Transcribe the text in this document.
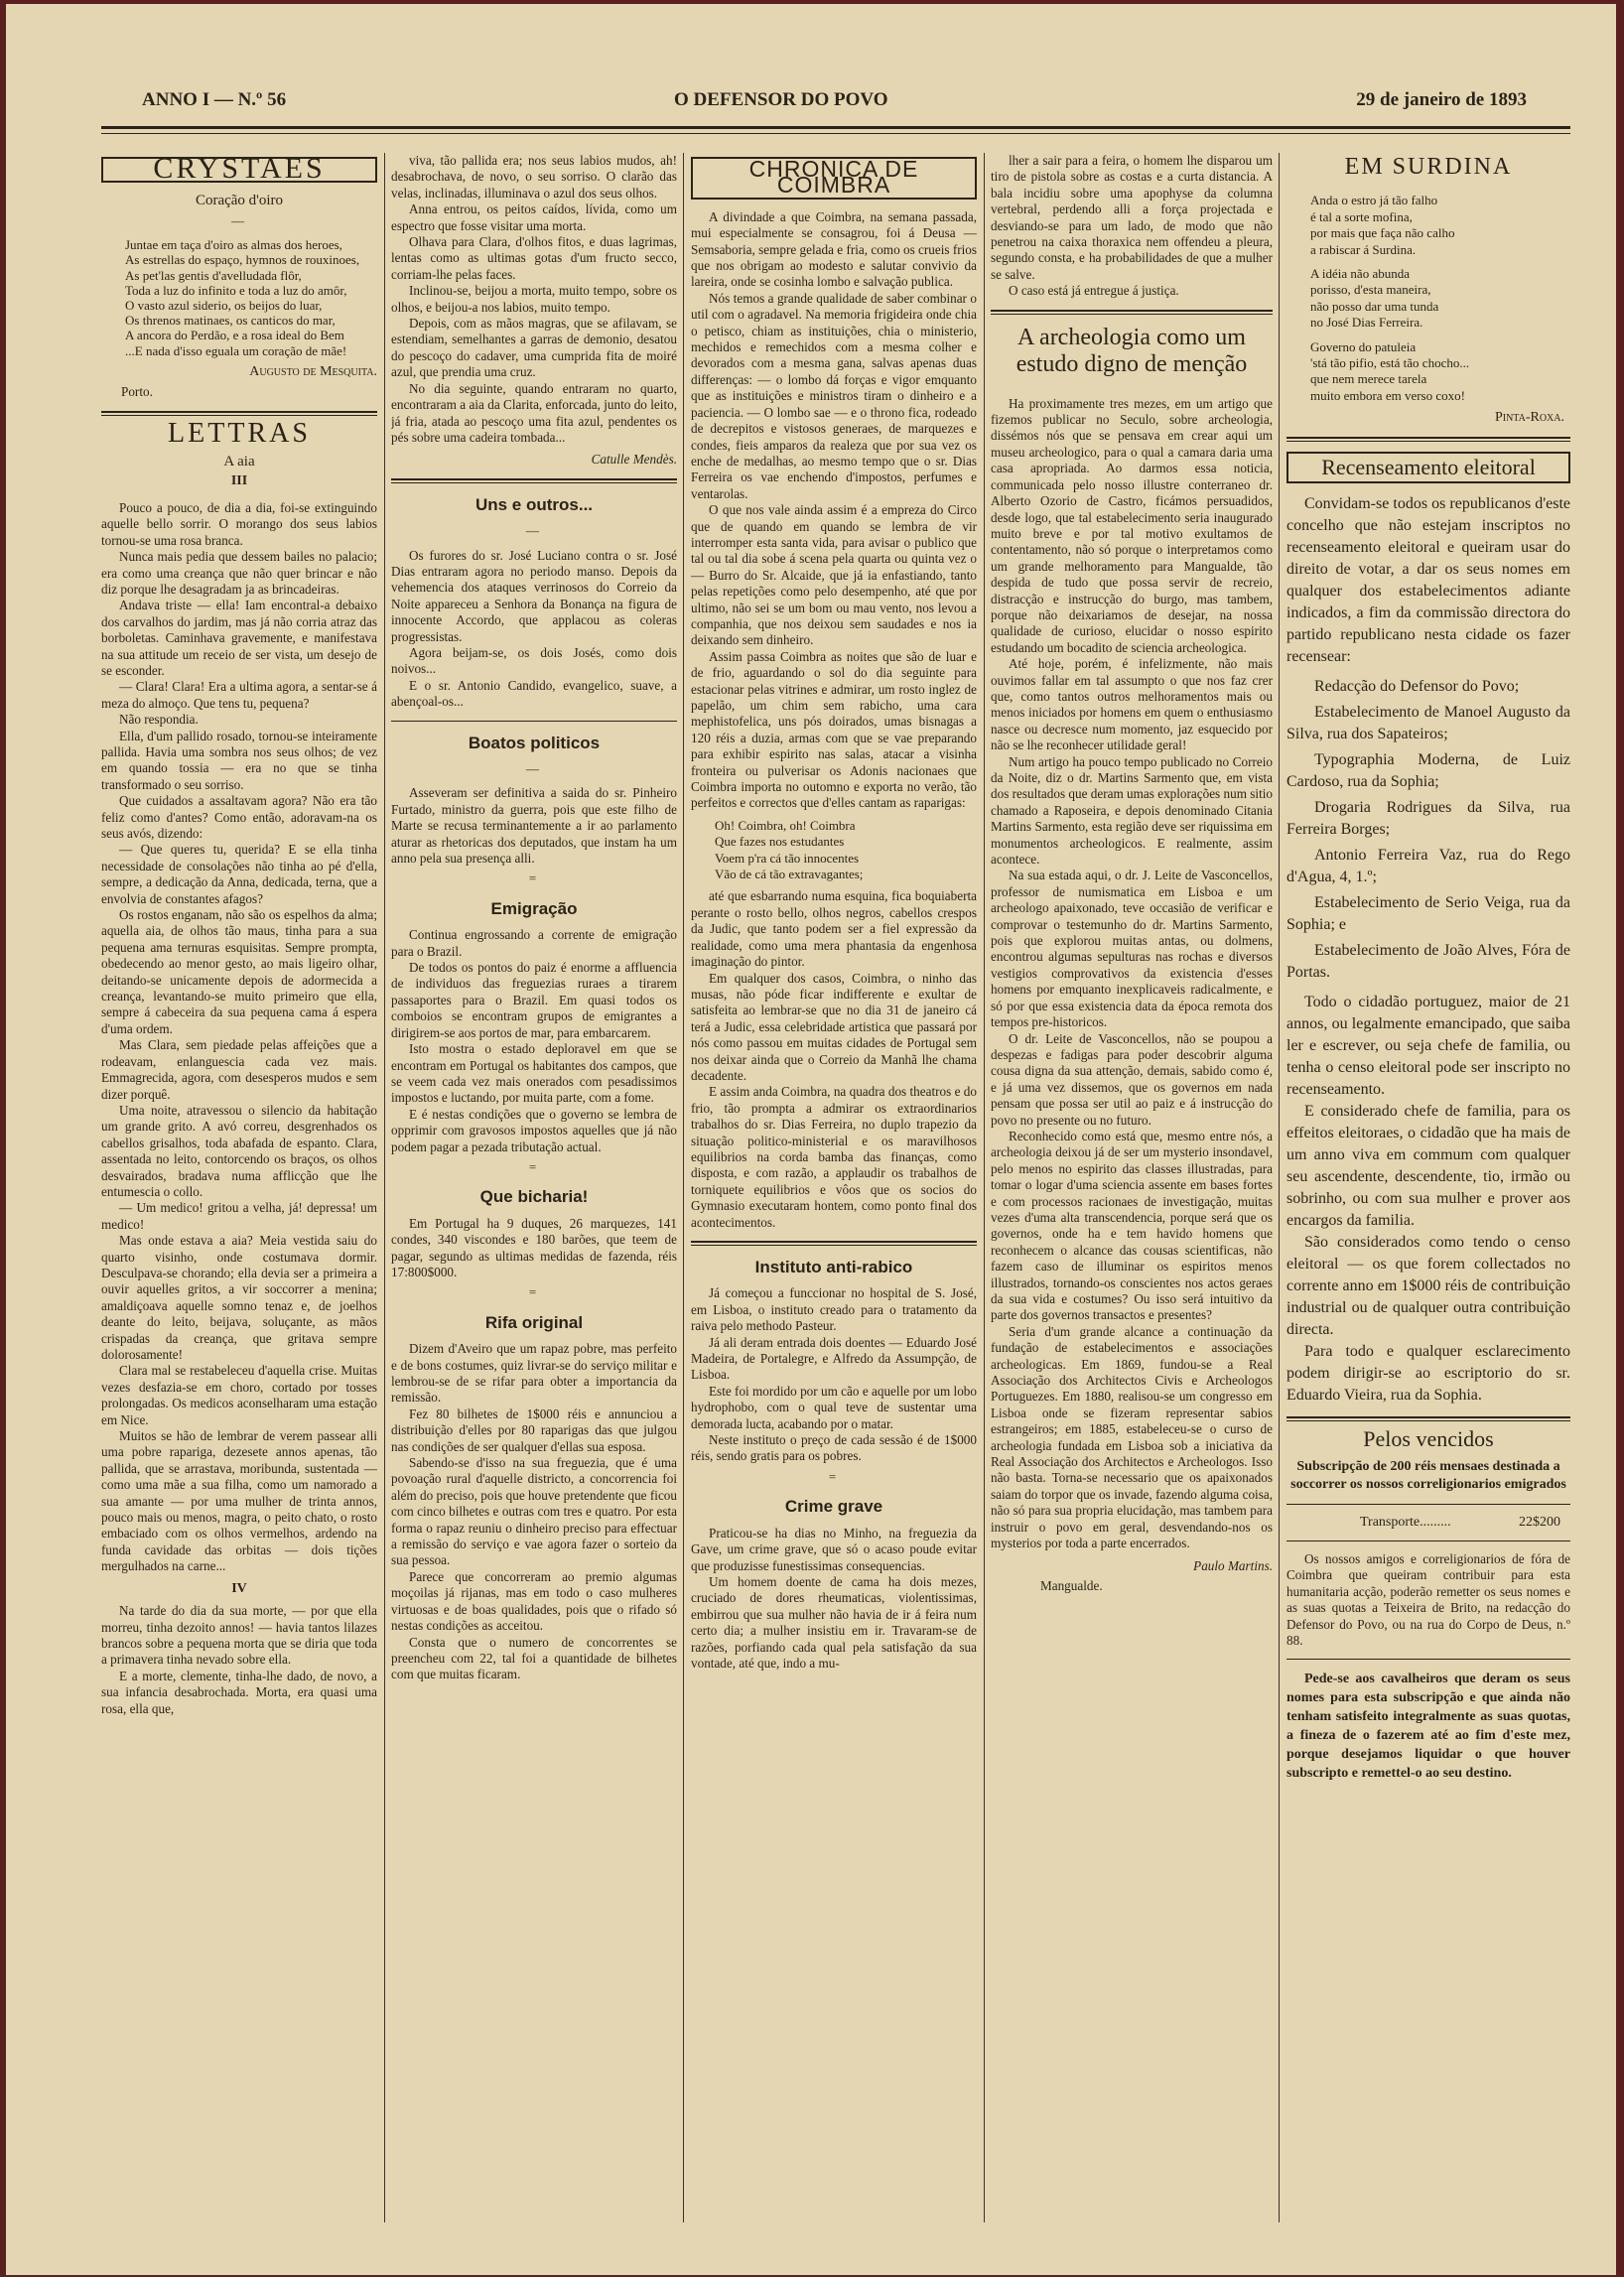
ANNO I — N.º 56	O DEFENSOR DO POVO	29 de janeiro de 1893
CRYSTAES
Coração d'oiro
—

Juntae em taça d'oiro as almas dos heroes,

As estrellas do espaço, hymnos de rouxinoes,

As pet'las gentis d'avelludada flôr,

Toda a luz do infinito e toda a luz do amôr,

O vasto azul siderio, os beijos do luar,

Os threnos matinaes, os canticos do mar,

A ancora do Perdão, e a rosa ideal do Bem

...E nada d'isso eguala um coração de mãe!

Augusto de Mesquita.
Porto.
LETTRAS
A aia
III

Pouco a pouco, de dia a dia, foi-se extinguindo aquelle bello sorrir. O morango dos seus labios tornou-se uma rosa branca.

Nunca mais pedia que dessem bailes no palacio; era como uma creança que não quer brincar e não diz porque lhe desagradam ja as brincadeiras.

Andava triste — ella! Iam encontral-a debaixo dos carvalhos do jardim, mas já não corria atraz das borboletas. Caminhava gravemente, e manifestava na sua attitude um receio de ser vista, um desejo de se esconder.

— Clara! Clara! Era a ultima agora, a sentar-se á meza do almoço. Que tens tu, pequena?

Não respondia.

Ella, d'um pallido rosado, tornou-se inteiramente pallida. Havia uma sombra nos seus olhos; de vez em quando tossia — era no que se tinha transformado o seu sorriso.

Que cuidados a assaltavam agora? Não era tão feliz como d'antes? Como então, adoravam-na os seus avós, dizendo:

— Que queres tu, querida? E se ella tinha necessidade de consolações não tinha ao pé d'ella, sempre, a dedicação da Anna, dedicada, terna, que a envolvia de constantes afagos?

Os rostos enganam, não são os espelhos da alma; aquella aia, de olhos tão maus, tinha para a sua pequena ama ternuras esquisitas. Sempre prompta, obedecendo ao menor gesto, ao mais ligeiro olhar, deitando-se unicamente depois de adormecida a creança, levantando-se muito primeiro que ella, sempre á cabeceira da sua pequena cama á espera d'uma ordem.

Mas Clara, sem piedade pelas affeições que a rodeavam, enlanguescia cada vez mais. Emmagrecida, agora, com desesperos mudos e sem dizer porquê.

Uma noite, atravessou o silencio da habitação um grande grito. A avó correu, desgrenhados os cabellos grisalhos, toda abafada de espanto. Clara, assentada no leito, contorcendo os braços, os olhos desvairados, bradava numa afflicção que lhe entumescia o collo.

— Um medico! gritou a velha, já! depressa! um medico!

Mas onde estava a aia? Meia vestida saiu do quarto visinho, onde costumava dormir. Desculpava-se chorando; ella devia ser a primeira a ouvir aquelles gritos, a vir soccorrer a menina; amaldiçoava aquelle somno tenaz e, de joelhos deante do leito, beijava, soluçante, as mãos crispadas da creança, que gritava sempre dolorosamente!

Clara mal se restabeleceu d'aquella crise. Muitas vezes desfazia-se em choro, cortado por tosses prolongadas. Os medicos aconselharam uma estação em Nice.

Muitos se hão de lembrar de verem passear alli uma pobre rapariga, dezesete annos apenas, tão pallida, que se arrastava, moribunda, sustentada — como uma mãe a sua filha, como um namorado a sua amante — por uma mulher de trinta annos, pouco mais ou menos, magra, o peito chato, o rosto embaciado com os olhos vermelhos, ardendo na funda cavidade das orbitas — dois tições mergulhados na carne...

IV

Na tarde do dia da sua morte, — por que ella morreu, tinha dezoito annos! — havia tantos lilazes brancos sobre a pequena morta que se diria que toda a primavera tinha nevado sobre ella.

E a morte, clemente, tinha-lhe dado, de novo, a sua infancia desabrochada. Morta, era quasi uma rosa, ella que,

viva, tão pallida era; nos seus labios mudos, ah! desabrochava, de novo, o seu sorriso. O clarão das velas, inclinadas, illuminava o azul dos seus olhos.

Anna entrou, os peitos caídos, lívida, como um espectro que fosse visitar uma morta.

Olhava para Clara, d'olhos fitos, e duas lagrimas, lentas como as ultimas gotas d'um fructo secco, corriam-lhe pelas faces.

Inclinou-se, beijou a morta, muito tempo, sobre os olhos, e beijou-a nos labios, muito tempo.

Depois, com as mãos magras, que se afilavam, se estendiam, semelhantes a garras de demonio, desatou do pescoço do cadaver, uma cumprida fita de moiré azul, que prendia uma cruz.

No dia seguinte, quando entraram no quarto, encontraram a aia da Clarita, enforcada, junto do leito, já fria, atada ao pescoço uma fita azul, pendentes os pés sobre uma cadeira tombada...

Catulle Mendès.
Uns e outros...
—

Os furores do sr. José Luciano contra o sr. José Dias entraram agora no periodo manso. Depois da vehemencia dos ataques verrinosos do Correio da Noite appareceu a Senhora da Bonança na figura de innocente Accordo, que applacou as coleras progressistas.

Agora beijam-se, os dois Josés, como dois noivos...

E o sr. Antonio Candido, evangelico, suave, a abençoal-os...

Boatos politicos
—

Asseveram ser definitiva a saida do sr. Pinheiro Furtado, ministro da guerra, pois que este filho de Marte se recusa terminantemente a ir ao parlamento aturar as rhetoricas dos deputados, que instam ha um anno pela sua presença alli.

=
Emigração

Continua engrossando a corrente de emigração para o Brazil.

De todos os pontos do paiz é enorme a affluencia de individuos das freguezias ruraes a tirarem passaportes para o Brazil. Em quasi todos os comboios se encontram grupos de emigrantes a dirigirem-se aos portos de mar, para embarcarem.

Isto mostra o estado deploravel em que se encontram em Portugal os habitantes dos campos, que se veem cada vez mais onerados com pesadissimos impostos e luctando, por muita parte, com a fome.

E é nestas condições que o governo se lembra de opprimir com gravosos impostos aquelles que já não podem pagar a pezada tributação actual.

=
Que bicharia!

Em Portugal ha 9 duques, 26 marquezes, 141 condes, 340 viscondes e 180 barões, que teem de pagar, segundo as ultimas medidas de fazenda, réis 17:800$000.

=
Rifa original

Dizem d'Aveiro que um rapaz pobre, mas perfeito e de bons costumes, quiz livrar-se do serviço militar e lembrou-se de se rifar para obter a importancia da remissão.

Fez 80 bilhetes de 1$000 réis e annunciou a distribuição d'elles por 80 raparigas das que julgou nas condições de ser qualquer d'ellas sua esposa.

Sabendo-se d'isso na sua freguezia, que é uma povoação rural d'aquelle districto, a concorrencia foi além do preciso, pois que houve pretendente que ficou com cinco bilhetes e outras com tres e quatro. Por esta forma o rapaz reuniu o dinheiro preciso para effectuar a remissão do serviço e vae agora fazer o sorteio da sua pessoa.

Parece que concorreram ao premio algumas moçoilas já rijanas, mas em todo o caso mulheres virtuosas e de boas qualidades, pois que o rifado só nestas condições as acceitou.

Consta que o numero de concorrentes se preencheu com 22, tal foi a quantidade de bilhetes com que muitas ficaram.

CHRONICA DE COIMBRA

A divindade a que Coimbra, na semana passada, mui especialmente se consagrou, foi á Deusa — Semsaboria, sempre gelada e fria, como os crueis frios que nos obrigam ao modesto e salutar convivio da lareira, onde se cosinha lombo e salvação publica.

Nós temos a grande qualidade de saber combinar o util com o agradavel. Na memoria frigideira onde chia o petisco, chiam as instituições, chia o ministerio, mechidos e remechidos com a mesma colher e devorados com a mesma gana, salvas apenas duas differenças: — o lombo dá forças e vigor emquanto que as instituições e ministros tiram o dinheiro e a paciencia. — O lombo sae — e o throno fica, rodeado de decrepitos e vistosos generaes, de marquezes e condes, fieis amparos da realeza que por sua vez os enche de medalhas, ao mesmo tempo que o sr. Dias Ferreira os vae enchendo d'impostos, perfumes e ventarolas.

O que nos vale ainda assim é a empreza do Circo que de quando em quando se lembra de vir interromper esta santa vida, para avisar o publico que tal ou tal dia sobe á scena pela quarta ou quinta vez o — Burro do Sr. Alcaide, que já ia enfastiando, tanto pelas repetições como pelo desempenho, até que por ultimo, não sei se um bom ou mau vento, nos levou a companhia, que nos deixou sem saudades e nos ia deixando sem dinheiro.

Assim passa Coimbra as noites que são de luar e de frio, aguardando o sol do dia seguinte para estacionar pelas vitrines e admirar, um rosto inglez de papelão, um chim sem rabicho, uma cara mephistofelica, uns pós doirados, umas bisnagas a 120 réis a duzia, armas com que se vae preparando para exhibir espirito nas salas, atacar a visinha fronteira ou pulverisar os Adonis nacionaes que Coimbra importa no outomno e exporta no verão, tão perfeitos e correctos que d'elles cantam as raparigas:

Oh! Coimbra, oh! Coimbra

Que fazes nos estudantes

Voem p'ra cá tão innocentes

Vão de cá tão extravagantes;

até que esbarrando numa esquina, fica boquiaberta perante o rosto bello, olhos negros, cabellos crespos da Judic, que tanto podem ser a fiel expressão da realidade, como uma mera phantasia da engenhosa imaginação do pintor.

Em qualquer dos casos, Coimbra, o ninho das musas, não póde ficar indifferente e exultar de satisfeita ao lembrar-se que no dia 31 de janeiro cá terá a Judic, essa celebridade artistica que passará por nós como passou em muitas cidades de Portugal sem nos deixar ainda que o Correio da Manhã lhe chama decadente.

E assim anda Coimbra, na quadra dos theatros e do frio, tão prompta a admirar os extraordinarios trabalhos do sr. Dias Ferreira, no duplo trapezio da situação politico-ministerial e os maravilhosos equilibrios na corda bamba das finanças, como disposta, e com razão, a applaudir os trabalhos de torniquete equilibrios e vôos que os socios do Gymnasio executaram hontem, como ponto final dos acontecimentos.

Instituto anti-rabico

Já começou a funccionar no hospital de S. José, em Lisboa, o instituto creado para o tratamento da raiva pelo methodo Pasteur.

Já ali deram entrada dois doentes — Eduardo José Madeira, de Portalegre, e Alfredo da Assumpção, de Lisboa.

Este foi mordido por um cão e aquelle por um lobo hydrophobo, com o qual teve de sustentar uma demorada lucta, acabando por o matar.

Neste instituto o preço de cada sessão é de 1$000 réis, sendo gratis para os pobres.

=
Crime grave

Praticou-se ha dias no Minho, na freguezia da Gave, um crime grave, que só o acaso poude evitar que produzisse funestissimas consequencias.

Um homem doente de cama ha dois mezes, cruciado de dores rheumaticas, violentissimas, embirrou que sua mulher não havia de ir á feira num certo dia; a mulher insistiu em ir. Travaram-se de razões, porfiando cada qual pela satisfação da sua vontade, até que, indo a mu-

lher a sair para a feira, o homem lhe disparou um tiro de pistola sobre as costas e a curta distancia. A bala incidiu sobre uma apophyse da columna vertebral, perdendo alli a força projectada e desviando-se para um lado, de modo que não penetrou na caixa thoraxica nem offendeu a pleura, segundo consta, e ha probabilidades de que a mulher se salve.

O caso está já entregue á justiça.

A archeologia como um estudo digno de menção

Ha proximamente tres mezes, em um artigo que fizemos publicar no Seculo, sobre archeologia, dissémos nós que se pensava em crear aqui um museu archeologico, para o qual a camara daria uma casa apropriada. Ao darmos essa noticia, communicada pelo nosso illustre conterraneo dr. Alberto Ozorio de Castro, ficámos persuadidos, desde logo, que tal estabelecimento seria inaugurado muito breve e por tal motivo exultamos de contentamento, não só porque o interpretamos como um grande melhoramento para Mangualde, tão despida de tudo que possa servir de recreio, distracção e instrucção do burgo, mas tambem, porque não deixariamos de desejar, na nossa qualidade de curioso, elucidar o nosso espirito estudando um bocadito de sciencia archeologica.

Até hoje, porém, é infelizmente, não mais ouvimos fallar em tal assumpto o que nos faz crer que, como tantos outros melhoramentos mais ou menos iniciados por homens em quem o enthusiasmo nasce ou decresce num momento, jaz esquecido por não se lhe reconhecer utilidade geral!

Num artigo ha pouco tempo publicado no Correio da Noite, diz o dr. Martins Sarmento que, em vista dos resultados que deram umas explorações num sitio chamado a Raposeira, e depois denominado Citania Martins Sarmento, esta região deve ser riquissima em monumentos archeologicos. E realmente, assim acontece.

Na sua estada aqui, o dr. J. Leite de Vasconcellos, professor de numismatica em Lisboa e um archeologo apaixonado, teve occasião de verificar e comprovar o testemunho do dr. Martins Sarmento, pois que explorou muitas antas, ou dolmens, encontrou algumas sepulturas nas rochas e diversos vestigios comprovativos da existencia d'esses homens por emquanto inexplicaveis radicalmente, e só por que essa existencia data da época remota dos tempos pre-historicos.

O dr. Leite de Vasconcellos, não se poupou a despezas e fadigas para poder descobrir alguma cousa digna da sua attenção, demais, sabido como é, e já uma vez dissemos, que os governos em nada pensam que possa ser util ao paiz e á instrucção do povo no presente ou no futuro.

Reconhecido como está que, mesmo entre nós, a archeologia deixou já de ser um mysterio insondavel, pelo menos no espirito das classes illustradas, para tomar o logar d'uma sciencia assente em bases fortes e com processos racionaes de investigação, muitas vezes d'uma alta transcendencia, porque será que os governos, onde ha e tem havido homens que reconhecem o alcance das cousas scientificas, não fazem caso de illuminar os espiritos menos illustrados, tornando-os conscientes nos actos geraes da sua vida e costumes? Ou isso será intuitivo da parte dos governos transactos e presentes?

Seria d'um grande alcance a continuação da fundação de estabelecimentos e associações archeologicas. Em 1869, fundou-se a Real Associação dos Architectos Civis e Archeologos Portuguezes. Em 1880, realisou-se um congresso em Lisboa onde se fizeram representar sabios estrangeiros; em 1885, estabeleceu-se o curso de archeologia fundada em Lisboa sob a iniciativa da Real Associação dos Architectos e Archeologos. Isso não basta. Torna-se necessario que os apaixonados saiam do torpor que os invade, fazendo alguma coisa, não só para sua propria elucidação, mas tambem para instruir o povo em geral, desvendando-nos os mysterios por toda a parte encerrados.

Paulo Martins.
Mangualde.
EM SURDINA

Anda o estro já tão falho

é tal a sorte mofina,

por mais que faça não calho

a rabiscar á Surdina.

A idéia não abunda

porisso, d'esta maneira,

não posso dar uma tunda

no José Dias Ferreira.

Governo do patuleia

'stá tão pifio, está tão chocho...

que nem merece tarela

muito embora em verso coxo!

Pinta-Roxa.
Recenseamento eleitoral

Convidam-se todos os republicanos d'este concelho que não estejam inscriptos no recenseamento eleitoral e queiram usar do direito de votar, a dar os seus nomes em qualquer dos estabelecimentos adiante indicados, a fim da commissão directora do partido republicano nesta cidade os fazer recensear:

Redacção do Defensor do Povo;

Estabelecimento de Manoel Augusto da Silva, rua dos Sapateiros;

Typographia Moderna, de Luiz Cardoso, rua da Sophia;

Drogaria Rodrigues da Silva, rua Ferreira Borges;

Antonio Ferreira Vaz, rua do Rego d'Agua, 4, 1.º;

Estabelecimento de Serio Veiga, rua da Sophia; e

Estabelecimento de João Alves, Fóra de Portas.

Todo o cidadão portuguez, maior de 21 annos, ou legalmente emancipado, que saiba ler e escrever, ou seja chefe de familia, ou tenha o censo eleitoral pode ser inscripto no recenseamento.

E considerado chefe de familia, para os effeitos eleitoraes, o cidadão que ha mais de um anno viva em commum com qualquer seu ascendente, descendente, tio, irmão ou sobrinho, ou com sua mulher e prover aos encargos da familia.

São considerados como tendo o censo eleitoral — os que forem collectados no corrente anno em 1$000 réis de contribuição industrial ou de qualquer outra contribuição directa.

Para todo e qualquer esclarecimento podem dirigir-se ao escriptorio do sr. Eduardo Vieira, rua da Sophia.

Pelos vencidos
Subscripção de 200 réis mensaes destinada a soccorrer os nossos correligionarios emigrados
Transporte.........	22$200

Os nossos amigos e correligionarios de fóra de Coimbra que queiram contribuir para esta humanitaria acção, poderão remetter os seus nomes e as suas quotas a Teixeira de Brito, na redacção do Defensor do Povo, ou na rua do Corpo de Deus, n.º 88.

Pede-se aos cavalheiros que deram os seus nomes para esta subscripção e que ainda não tenham satisfeito integralmente as suas quotas, a fineza de o fazerem até ao fim d'este mez, porque desejamos liquidar o que houver subscripto e remettel-o ao seu destino.
